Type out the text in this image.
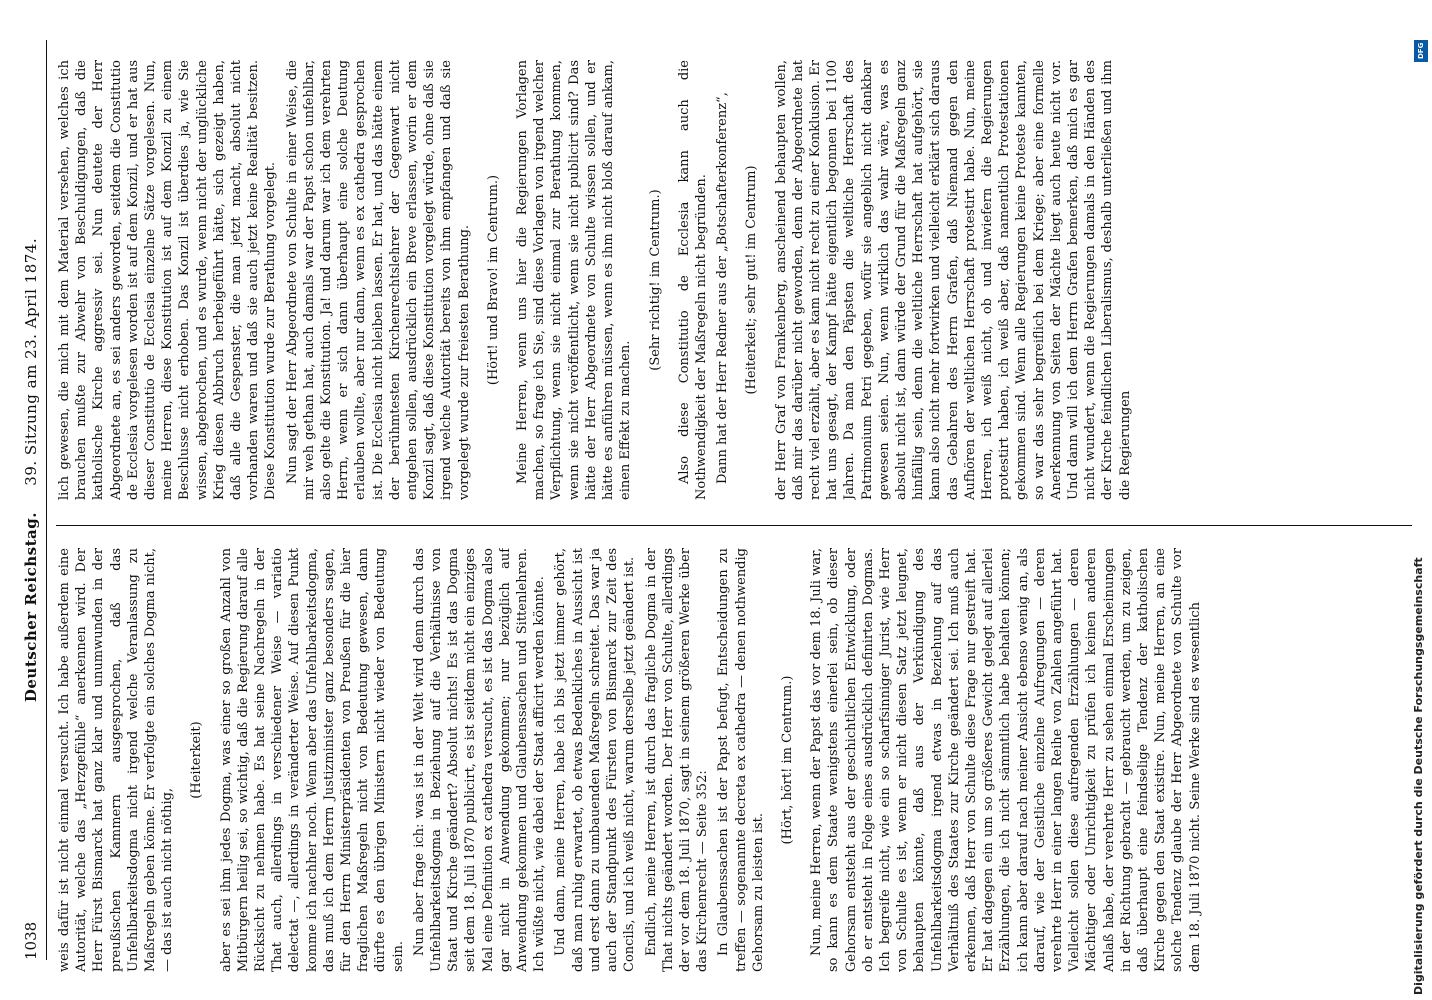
1038
Deutscher Reichstag.     39. Sitzung am 23. April 1874.

weis dafür ist nicht einmal versucht. Ich habe außerdem eine Autorität, welche das „Herzgefühle“ anerkennen wird. Der Herr Fürst Bismarck hat ganz klar und unumwunden in der preußischen Kammern ausgesprochen, daß das Unfehlbarkeitsdogma nicht irgend welche Veranlassung zu Maßregeln geben könne. Er verfolgte ein solches Dogma nicht, — das ist auch nicht nöthig,

(Heiterkeit) aber es sei ihm jedes Dogma, was einer so großen Anzahl von Mitbürgern heilig sei, so wichtig, daß die Regierung darauf alle Rücksicht zu nehmen habe. Es hat seine Nachregeln in der That auch, allerdings in verschiedener Weise — variatio delectat —, allerdings in veränderter Weise. Auf diesen Punkt komme ich nachher noch. Wenn aber das Unfehlbarkeitsdogma, das muß ich dem Herrn Justizminister ganz besonders sagen, für den Herrn Ministerpräsidenten von Preußen für die hier fraglichen Maßregeln nicht von Bedeutung gewesen, dann dürfte es den übrigen Ministern nicht wieder von Bedeutung sein.

Nun aber frage ich: was ist in der Welt wird denn durch das Unfehlbarkeitsdogma in Beziehung auf die Verhältnisse von Staat und Kirche geändert? Absolut nichts! Es ist das Dogma seit dem 18. Juli 1870 publicirt, es ist seitdem nicht ein einziges Mal eine Definition ex cathedra versucht, es ist das Dogma also gar nicht in Anwendung gekommen; nur bezüglich auf Anwendung gekommen und Glaubenssachen und Sittenlehren. Ich wüßte nicht, wie dabei der Staat afficirt werden könnte. Und dann, meine Herren, habe ich bis jetzt immer gehört, daß man ruhig erwartet, ob etwas Bedenkliches in Aussicht ist und erst dann zu umbauenden Maßregeln schreitet. Das war ja auch der Standpunkt des Fürsten von Bismarck zur Zeit des Concils, und ich weiß nicht, warum derselbe jetzt geändert ist. Endlich, meine Herren, ist durch das fragliche Dogma in der That nichts geändert worden. Der Herr von Schulte, allerdings der vor dem 18. Juli 1870, sagt in seinem größeren Werke über das Kirchenrecht — Seite 352: In Glaubenssachen ist der Papst befugt, Entscheidungen zu treffen — sogenannte decreta ex cathedra — denen nothwendig Gehorsam zu leisten ist.

(Hört, hört! im Centrum.) Nun, meine Herren, wenn der Papst das vor dem 18. Juli war, so kann es dem Staate wenigstens einerlei sein, ob dieser Gehorsam entsteht aus der geschichtlichen Entwicklung, oder ob er entsteht in Folge eines ausdrücklich definirten Dogmas. Ich begreife nicht, wie ein so scharfsinniger Jurist, wie Herr von Schulte es ist, wenn er nicht diesen Satz jetzt leugnet, behaupten könnte, daß aus der Verkündigung des Unfehlbarkeitsdogma irgend etwas in Beziehung auf das Verhältniß des Staates zur Kirche geändert sei. Ich muß auch erkennen, daß Herr von Schulte diese Frage nur gestreift hat. Er hat dagegen ein um so größeres Gewicht gelegt auf allerlei Erzählungen, die ich nicht sämmtlich habe behalten können; ich kann aber darauf nach meiner Ansicht ebenso wenig an, als darauf, wie der Geistliche einzelne Aufregungen — deren verehrte Herr in einer langen Reihe von Zahlen angeführt hat. Vielleicht sollen diese aufregenden Erzählungen — deren Mächtiger oder Unrichtigkeit zu prüfen ich keinen anderen Anlaß habe, der verehrte Herr zu sehen einmal Erscheinungen in der Richtung gebracht — gebraucht werden, um zu zeigen, daß überhaupt eine feindselige Tendenz der katholischen Kirche gegen den Staat existire. Nun, meine Herren, an eine solche Tendenz glaube der Herr Abgeordnete von Schulte vor dem 18. Juli 1870 nicht. Seine Werke sind es wesentlich

lich gewesen, die mich mit dem Material versehen, welches ich brauchen mußte zur Abwehr von Beschuldigungen, daß die katholische Kirche aggressiv sei. Nun deutete der Herr Abgeordnete an, es sei anders geworden, seitdem die Constitutio de Ecclesia vorgelesen worden ist auf dem Konzil, und er hat aus dieser Constitutio de Ecclesia einzelne Sätze vorgelesen. Nun, meine Herren, diese Konstitution ist auf dem Konzil zu einem Beschlusse nicht erhoben. Das Konzil ist überdies ja, wie Sie wissen, abgebrochen, und es wurde, wenn nicht der unglückliche Krieg diesen Abbruch herbeigeführt hätte, sich gezeigt haben, daß alle die Gespenster, die man jetzt macht, absolut nicht vorhanden waren und daß sie auch jetzt keine Realität besitzen. Diese Konstitution wurde zur Berathung vorgelegt. Nun sagt der Herr Abgeordnete von Schulte in einer Weise, die mir weh gethan hat, auch damals war der Papst schon unfehlbar, also gelte die Konstitution. Ja! und darum war ich dem verehrten Herrn, wenn er sich dann überhaupt eine solche Deutung erlauben wollte, aber nur dann, wenn es ex cathedra gesprochen ist. Die Ecclesia nicht bleiben lassen. Er hat, und das hätte einem der berühmtesten Kirchenrechtslehrer der Gegenwart nicht entgehen sollen, ausdrücklich ein Breve erlassen, worin er dem Konzil sagt, daß diese Konstitution vorgelegt würde, ohne daß sie irgend welche Autorität bereits von ihm empfangen und daß sie vorgelegt wurde zur freiesten Berathung. (Hört! und Bravo! im Centrum.) Meine Herren, wenn uns hier die Regierungen Vorlagen machen, so frage ich Sie, sind diese Vorlagen von irgend welcher Verpflichtung, wenn sie nicht einmal zur Berathung kommen, wenn sie nicht veröffentlicht, wenn sie nicht publicirt sind? Das hätte der Herr Abgeordnete von Schulte wissen sollen, und er hätte es anführen müssen, wenn es ihm nicht bloß darauf ankam, einen Effekt zu machen.

(Sehr richtig! im Centrum.) Also diese Constitutio de Ecclesia kann auch die Nothwendigkeit der Maßregeln nicht begründen. Dann hat der Herr Redner aus der „Botschafterkonferenz“, (Heiterkeit; sehr gut! im Centrum) der Herr Graf von Frankenberg, anscheinend behaupten wollen, daß mir das darüber nicht geworden, denn der Abgeordnete hat recht viel erzählt, aber es kam nicht recht zu einer Konklusion. Er hat uns gesagt, der Kampf hätte eigentlich begonnen bei 1100 Jahren. Da man den Päpsten die weltliche Herrschaft des Patrimonium Petri gegeben, wofür sie angeblich nicht dankbar gewesen seien. Nun, wenn wirklich das wahr wäre, was es absolut nicht ist, dann würde der Grund für die Maßregeln ganz hinfällig sein, denn die weltliche Herrschaft hat aufgehört, sie kann also nicht mehr fortwirken und vielleicht erklärt sich daraus das Gebahren des Herrn Grafen, daß Niemand gegen den Aufhören der weltlichen Herrschaft protestirt habe. Nun, meine Herren, ich weiß nicht, ob und inwiefern die Regierungen protestirt haben, ich weiß aber, daß namentlich Protestationen gekommen sind. Wenn alle Regierungen keine Proteste kannten, so war das sehr begreiflich bei dem Kriege; aber eine formelle Anerkennung von Seiten der Mächte liegt auch heute nicht vor. Und dann will ich dem Herrn Grafen bemerken, daß mich es gar nicht wundert, wenn die Regierungen damals in den Händen des der Kirche feindlichen Liberalismus, deshalb unterließen und ihm die Regierungen

Digitalisierung gefördert durch die Deutsche Forschungsgemeinschaft
DFG
